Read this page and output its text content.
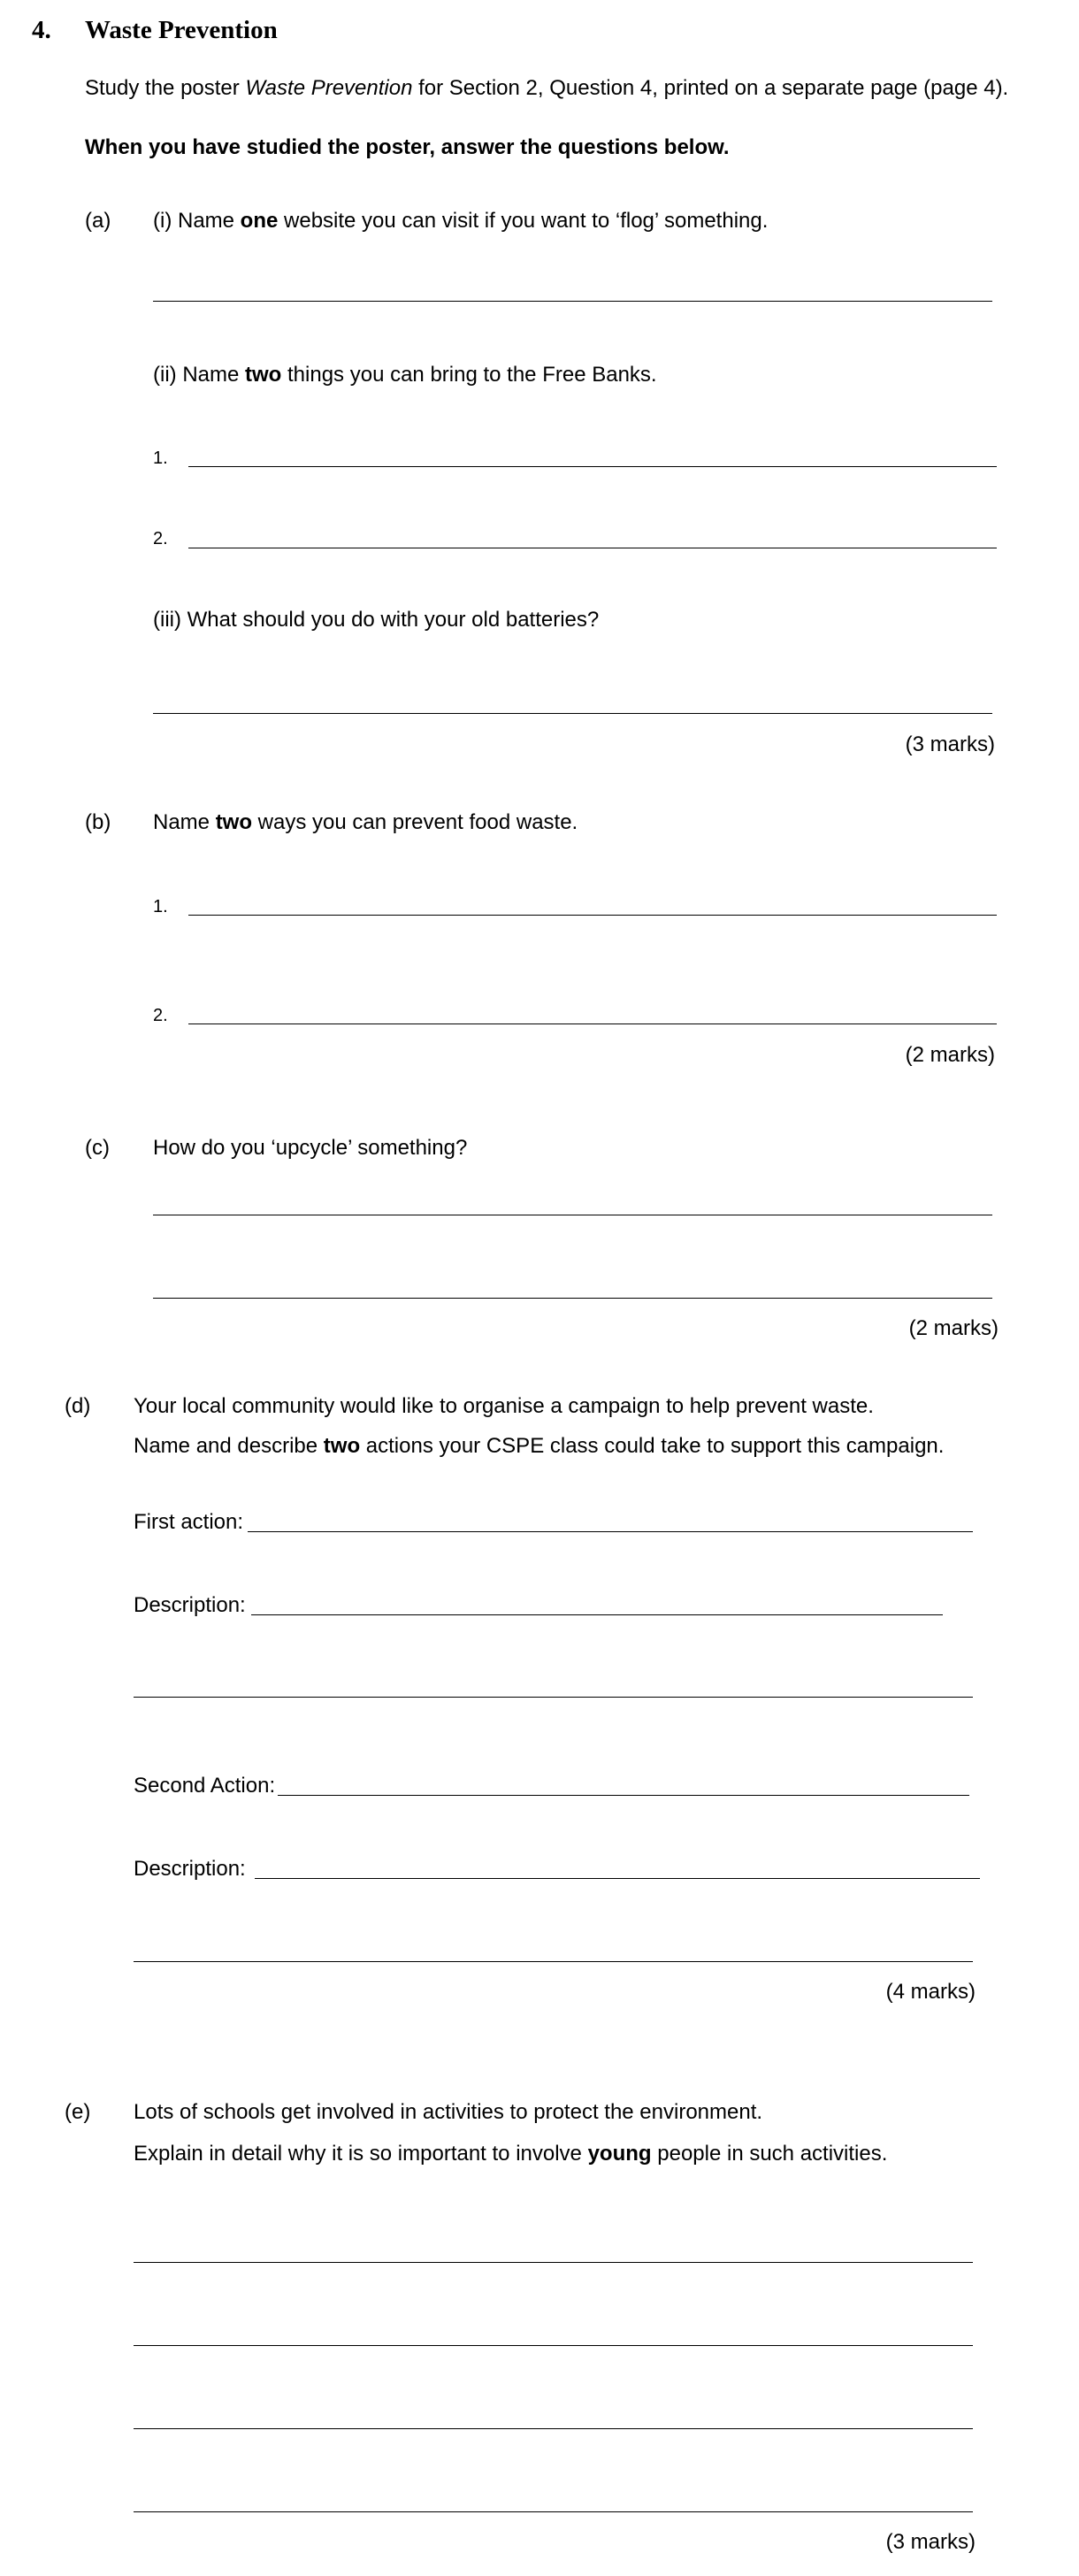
4. Waste Prevention
Study the poster Waste Prevention for Section 2, Question 4, printed on a separate page (page 4).
When you have studied the poster, answer the questions below.
(a) (i) Name one website you can visit if you want to ‘flog’ something.
(ii) Name two things you can bring to the Free Banks.
1.
2.
(iii) What should you do with your old batteries?
(3 marks)
(b) Name two ways you can prevent food waste.
1.
2.
(2 marks)
(c) How do you ‘upcycle’ something?
(2 marks)
(d) Your local community would like to organise a campaign to help prevent waste.
Name and describe two actions your CSPE class could take to support this campaign.
First action:
Description:
Second Action:
Description:
(4 marks)
(e) Lots of schools get involved in activities to protect the environment.
Explain in detail why it is so important to involve young people in such activities.
(3 marks)
